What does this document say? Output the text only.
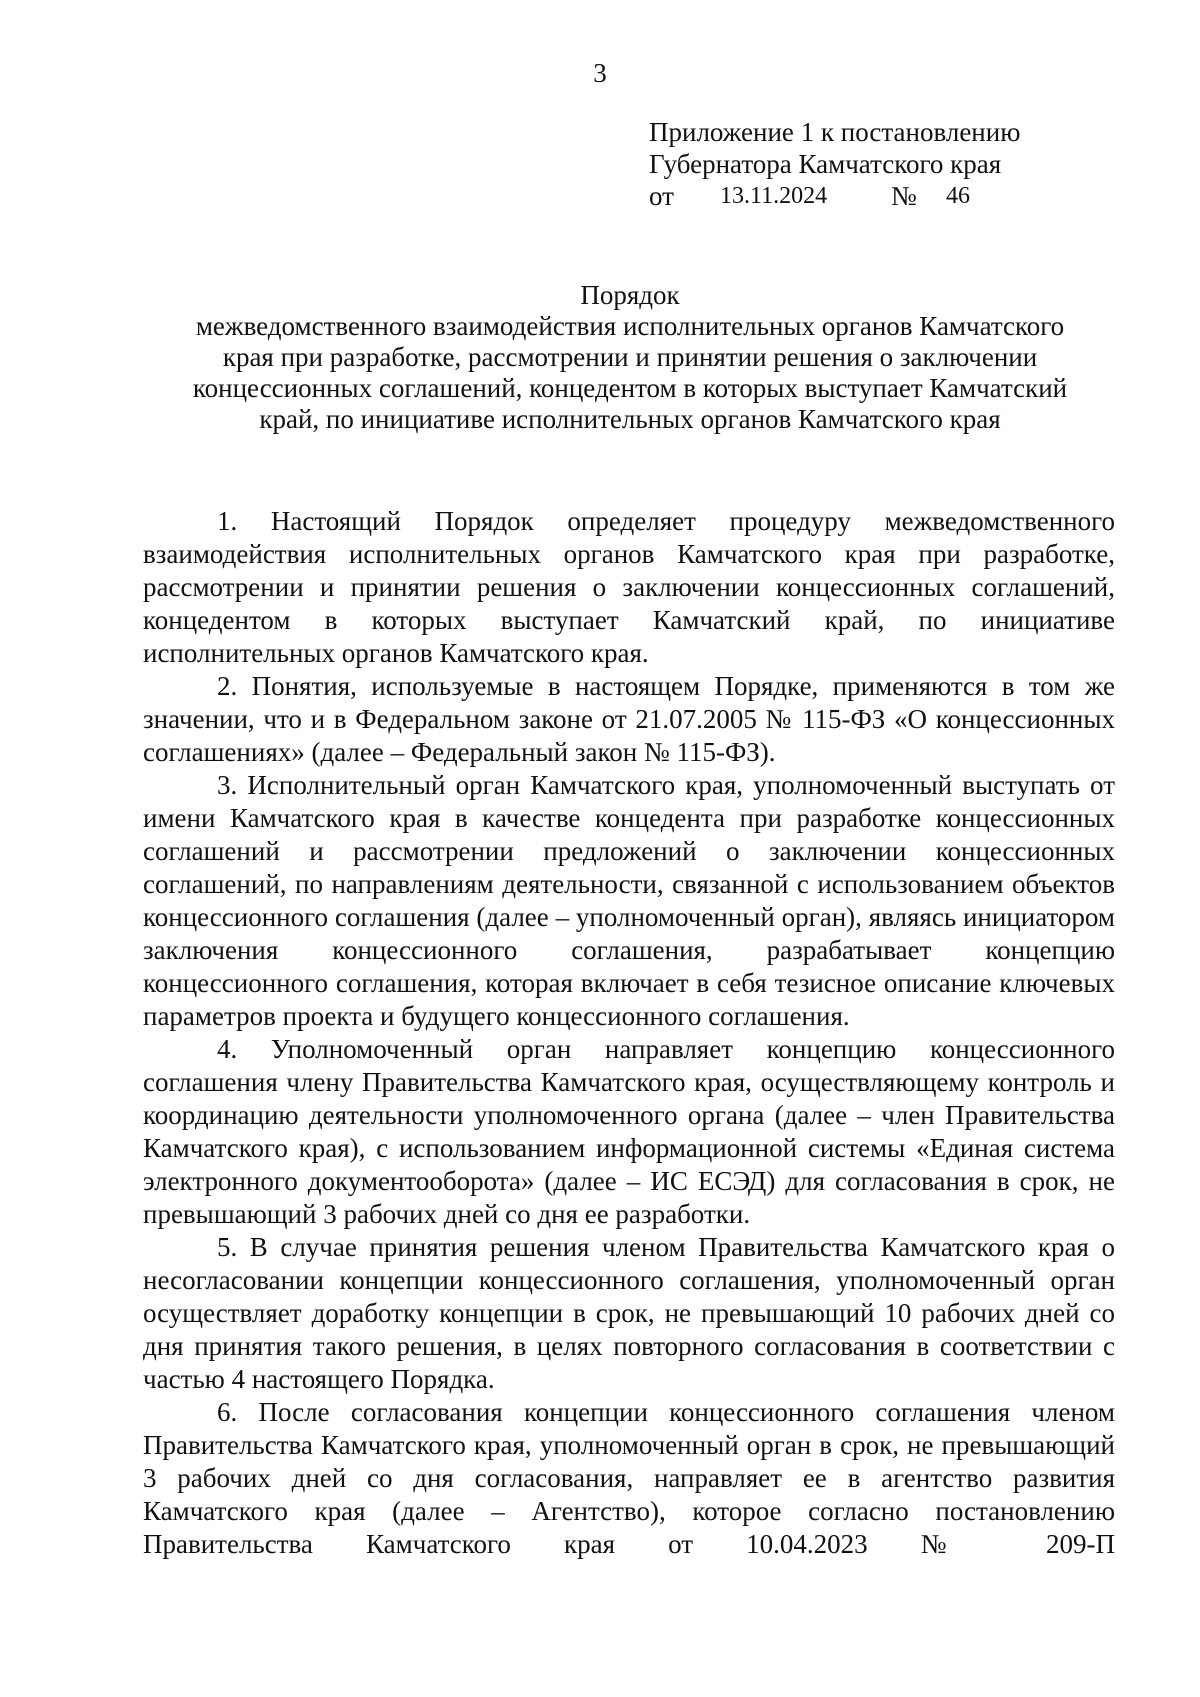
3
Приложение 1 к постановлению
Губернатора Камчатского края
от 13.11.2024 № 46
Порядок
межведомственного взаимодействия исполнительных органов Камчатского
края при разработке, рассмотрении и принятии решения о заключении
концессионных соглашений, концедентом в которых выступает Камчатский
край, по инициативе исполнительных органов Камчатского края

1. Настоящий Порядок определяет процедуру межведомственного взаимодействия исполнительных органов Камчатского края при разработке, рассмотрении и принятии решения о заключении концессионных соглашений, концедентом в которых выступает Камчатский край, по инициативе исполнительных органов Камчатского края.

2. Понятия, используемые в настоящем Порядке, применяются в том же значении, что и в Федеральном законе от 21.07.2005 № 115-ФЗ «О концессионных соглашениях» (далее – Федеральный закон № 115-ФЗ).

3. Исполнительный орган Камчатского края, уполномоченный выступать от имени Камчатского края в качестве концедента при разработке концессионных соглашений и рассмотрении предложений о заключении концессионных соглашений, по направлениям деятельности, связанной с использованием объектов концессионного соглашения (далее – уполномоченный орган), являясь инициатором заключения концессионного соглашения, разрабатывает концепцию концессионного соглашения, которая включает в себя тезисное описание ключевых параметров проекта и будущего концессионного соглашения.

4. Уполномоченный орган направляет концепцию концессионного соглашения члену Правительства Камчатского края, осуществляющему контроль и координацию деятельности уполномоченного органа (далее – член Правительства Камчатского края), с использованием информационной системы «Единая система электронного документооборота» (далее – ИС ЕСЭД) для согласования в срок, не превышающий 3 рабочих дней со дня ее разработки.

5. В случае принятия решения членом Правительства Камчатского края о несогласовании концепции концессионного соглашения, уполномоченный орган осуществляет доработку концепции в срок, не превышающий 10 рабочих дней со дня принятия такого решения, в целях повторного согласования в соответствии с частью 4 настоящего Порядка.

6. После согласования концепции концессионного соглашения членом Правительства Камчатского края, уполномоченный орган в срок, не превышающий 3 рабочих дней со дня согласования, направляет ее в агентство развития Камчатского края (далее – Агентство), которое согласно постановлению Правительства Камчатского края от 10.04.2023 № 209-П
